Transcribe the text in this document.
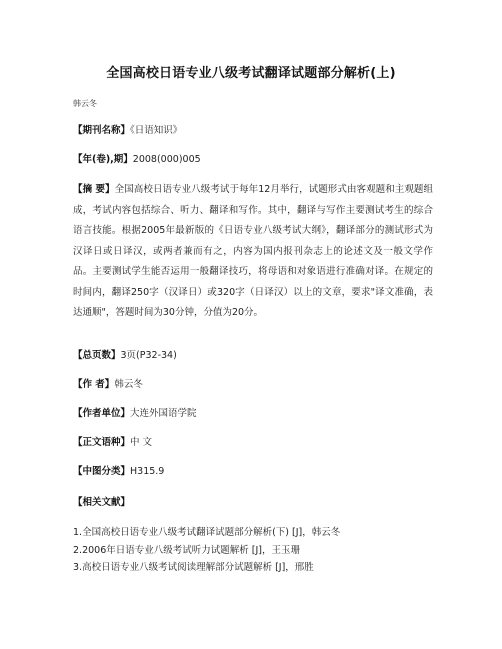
全国高校日语专业八级考试翻译试题部分解析(上)
韩云冬
【期刊名称】《日语知识》
【年(卷),期】2008(000)005
【摘 要】全国高校日语专业八级考试于每年12月举行，试题形式由客观题和主观题组成，考试内容包括综合、听力、翻译和写作。其中，翻译与写作主要测试考生的综合语言技能。根据2005年最新版的《日语专业八级考试大纲》，翻译部分的测试形式为汉译日或日译汉，或两者兼而有之，内容为国内报刊杂志上的论述文及一般文学作品。主要测试学生能否运用一般翻译技巧，将母语和对象语进行准确对译。在规定的时间内，翻译250字（汉译日）或320字（日译汉）以上的文章，要求"译文准确，表达通顺"，答题时间为30分钟，分值为20分。
【总页数】3页(P32-34)
【作 者】韩云冬
【作者单位】大连外国语学院
【正文语种】中 文
【中图分类】H315.9
【相关文献】
1.全国高校日语专业八级考试翻译试题部分解析(下) [J]，韩云冬
2.2006年日语专业八级考试听力试题解析 [J]，王玉珊
3.高校日语专业八级考试阅读理解部分试题解析 [J]，邢胜
